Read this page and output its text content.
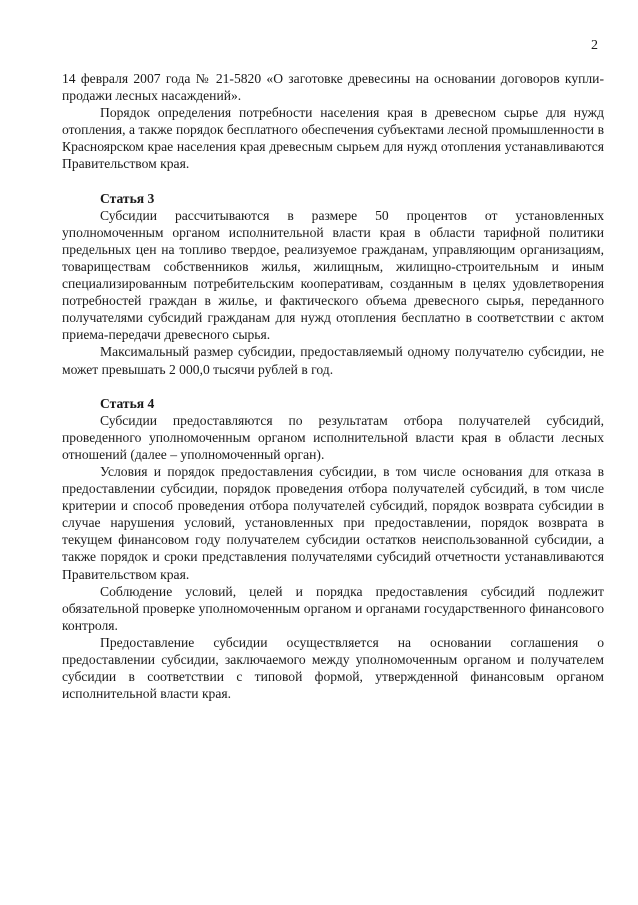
2

14 февраля 2007 года № 21-5820 «О заготовке древесины на основании договоров купли-продажи лесных насаждений».

Порядок определения потребности населения края в древесном сырье для нужд отопления, а также порядок бесплатного обеспечения субъектами лесной промышленности в Красноярском крае населения края древесным сырьем для нужд отопления устанавливаются Правительством края.

Статья 3

Субсидии рассчитываются в размере 50 процентов от установленных уполномоченным органом исполнительной власти края в области тарифной политики предельных цен на топливо твердое, реализуемое гражданам, управляющим организациям, товариществам собственников жилья, жилищным, жилищно-строительным и иным специализированным потребительским кооперативам, созданным в целях удовлетворения потребностей граждан в жилье, и фактического объема древесного сырья, переданного получателями субсидий гражданам для нужд отопления бесплатно в соответствии с актом приема-передачи древесного сырья.

Максимальный размер субсидии, предоставляемый одному получателю субсидии, не может превышать 2 000,0 тысячи рублей в год.

Статья 4

Субсидии предоставляются по результатам отбора получателей субсидий, проведенного уполномоченным органом исполнительной власти края в области лесных отношений (далее – уполномоченный орган).

Условия и порядок предоставления субсидии, в том числе основания для отказа в предоставлении субсидии, порядок проведения отбора получателей субсидий, в том числе критерии и способ проведения отбора получателей субсидий, порядок возврата субсидии в случае нарушения условий, установленных при предоставлении, порядок возврата в текущем финансовом году получателем субсидии остатков неиспользованной субсидии, а также порядок и сроки представления получателями субсидий отчетности устанавливаются Правительством края.

Соблюдение условий, целей и порядка предоставления субсидий подлежит обязательной проверке уполномоченным органом и органами государственного финансового контроля.

Предоставление субсидии осуществляется на основании соглашения о предоставлении субсидии, заключаемого между уполномоченным органом и получателем субсидии в соответствии с типовой формой, утвержденной финансовым органом исполнительной власти края.
